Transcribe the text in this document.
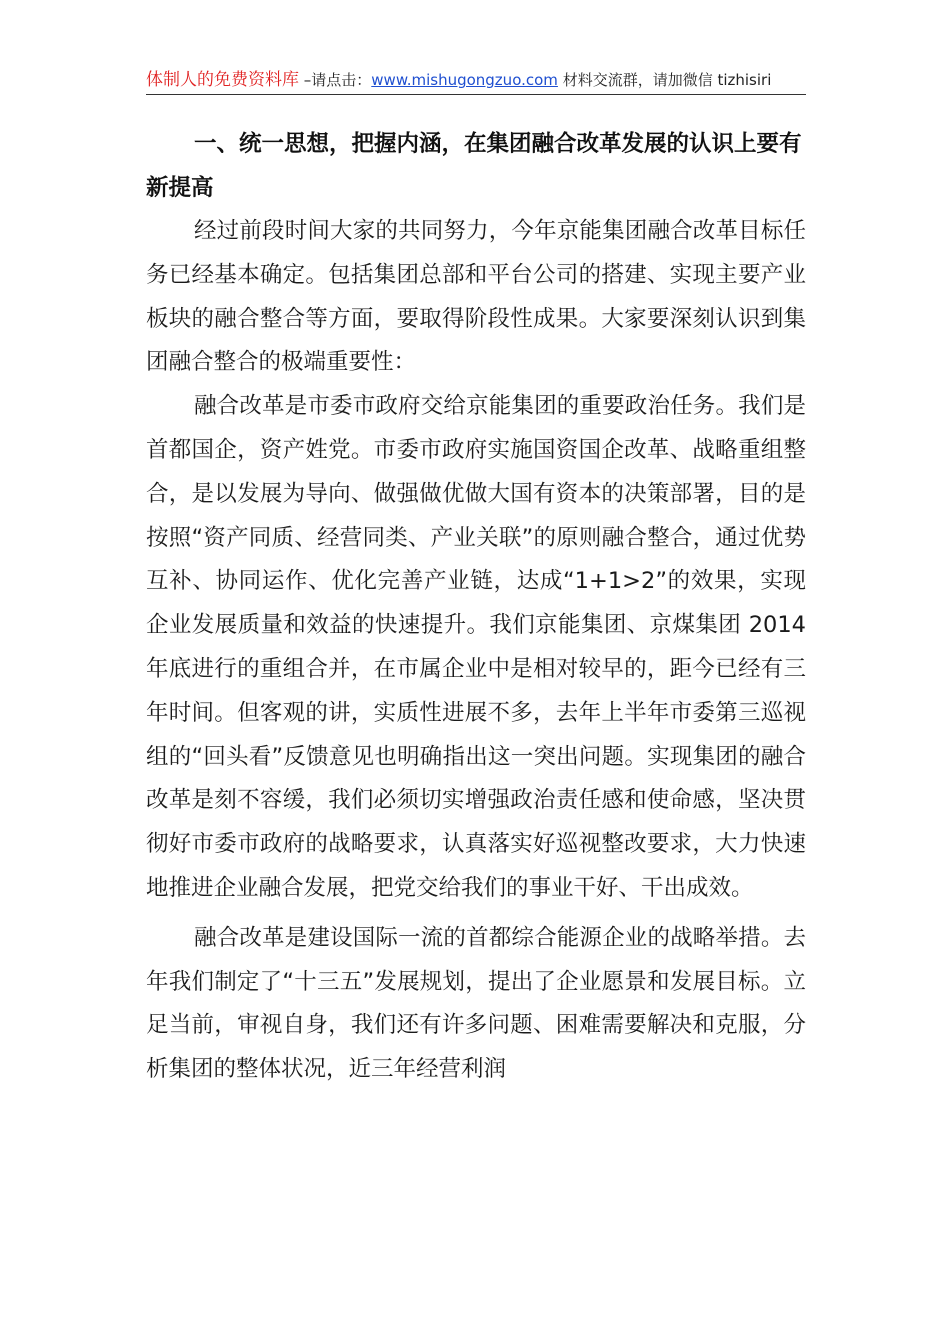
体制人的免费资料库 –请点击：www.mishugongzuo.com 材料交流群，请加微信 tizhisiri

一、统一思想，把握内涵，在集团融合改革发展的认识上要有新提高

经过前段时间大家的共同努力，今年京能集团融合改革目标任务已经基本确定。包括集团总部和平台公司的搭建、实现主要产业板块的融合整合等方面，要取得阶段性成果。大家要深刻认识到集团融合整合的极端重要性：

融合改革是市委市政府交给京能集团的重要政治任务。我们是首都国企，资产姓党。市委市政府实施国资国企改革、战略重组整合，是以发展为导向、做强做优做大国有资本的决策部署，目的是按照“资产同质、经营同类、产业关联”的原则融合整合，通过优势互补、协同运作、优化完善产业链，达成“1+1>2”的效果，实现企业发展质量和效益的快速提升。我们京能集团、京煤集团 2014 年底进行的重组合并，在市属企业中是相对较早的，距今已经有三年时间。但客观的讲，实质性进展不多，去年上半年市委第三巡视组的“回头看”反馈意见也明确指出这一突出问题。实现集团的融合改革是刻不容缓，我们必须切实增强政治责任感和使命感，坚决贯彻好市委市政府的战略要求，认真落实好巡视整改要求，大力快速地推进企业融合发展，把党交给我们的事业干好、干出成效。

融合改革是建设国际一流的首都综合能源企业的战略举措。去年我们制定了“十三五”发展规划，提出了企业愿景和发展目标。立足当前，审视自身，我们还有许多问题、困难需要解决和克服，分析集团的整体状况，近三年经营利润
